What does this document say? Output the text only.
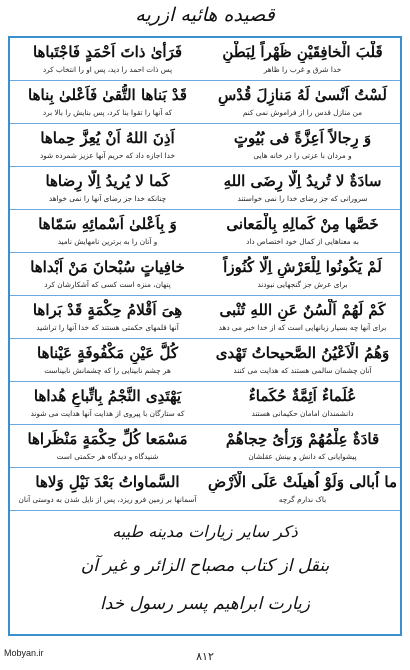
قصیده هائیه ازریه
قَلْبَ الْخافِقَیْنِ ظَهْراً لِبَطْنٍ
فَرَأیٰ ذاتَ اَحْمَدٍ فَاجْتَباها
خدا شرق و غرب را ظاهر
پس ذات احمد را دید، پس او را انتخاب کرد
لَسْتُ اَنْسیٰ لَهُ مَنازِلَ قُدْسٍ
قَدْ بَناها التُّقیٰ فَاَعْلیٰ بِناها
من منازل قدس را از فراموش نمی کنم
که آنها را تقوا بنا کرد، پس بنایش را بالا برد
وَ رِجالاً اَعِزَّةً فی بُیُوتٍ
اَذِنَ اللهُ اَنْ یُعِزَّ حِماها
و مردان با عزتی را در خانه هایی
خدا اجازه داد که حریم آنها عزیز شمرده شود
سادَةٌ لا تُریدُ اِلّا رِضَى اللهِ
كَما لا یُریدُ اِلّا رِضاها
سرورانی که جز رضای خدا را نمی خواستند
چنانکه خدا جز رضای آنها را نمی خواهد
خَصَّها مِنْ كَمالِهِ بِالْمَعانی
وَ بِاَعْلیٰ اَسْمائِهِ سَمّاها
به معناهایی از کمال خود اختصاص داد
و آنان را به برترین نامهایش نامید
لَمْ یَكُونُوا لِلْعَرْشِ اِلّا كُنُوزاً
خافِیاتٍ سُبْحانَ مَنْ اَبْداها
برای عرش جز گنجهایی نبودند
پنهان، منزه است کسی که آشکارشان کرد
كَمْ لَهُمْ اَلْسُنٌ عَنِ اللهِ تُنْبی
هِیَ اَقْلامُ حِكْمَةٍ قَدْ بَراها
برای آنها چه بسیار زبانهایی است که از خدا خبر می دهد
آنها قلمهای حکمتی هستند که خدا آنها را تراشید
وَهُمُ الْاَعْیُنُ الصَّحیحاتُ تَهْدی
كُلَّ عَیْنٍ مَكْفُوفَةٍ عَیْناها
آنان چشمان سالمی هستند که هدایت می کنند
هر چشم نابینایی را که چشمانش نابیناست
عُلَماءٌ اَئِمَّةٌ حُكَماءٌ
یَهْتَدِی النَّجْمُ بِاتِّباعِ هُداها
دانشمندان امامان حکیمانی هستند
که ستارگان با پیروی از هدایت آنها هدایت می شوند
قادَةٌ عِلْمُهُمْ وَرَأْیُ حِجاهُمْ
مَسْمَعا كُلِّ حِكْمَةٍ مَنْظَراها
پیشوایانی که دانش و بینش عقلشان
شنیدگاه و دیدگاه هر حکمتی است
ما اُبالی وَلَوْ اُهیلَتْ عَلَی الْاَرْضِ
السَّماواتُ بَعْدَ نَیْلِ وَلاها
باک ندارم گرچه
آسمانها بر زمین فرو ریزد، پس از نایل شدن به دوستی آنان
ذکر سایر زیارات مدینه طیبه
بنقل از کتاب مصباح الزائر و غیر آن
زیارت ابراهیم پسر رسول خدا
Mobyan.ir	۸۱۲
